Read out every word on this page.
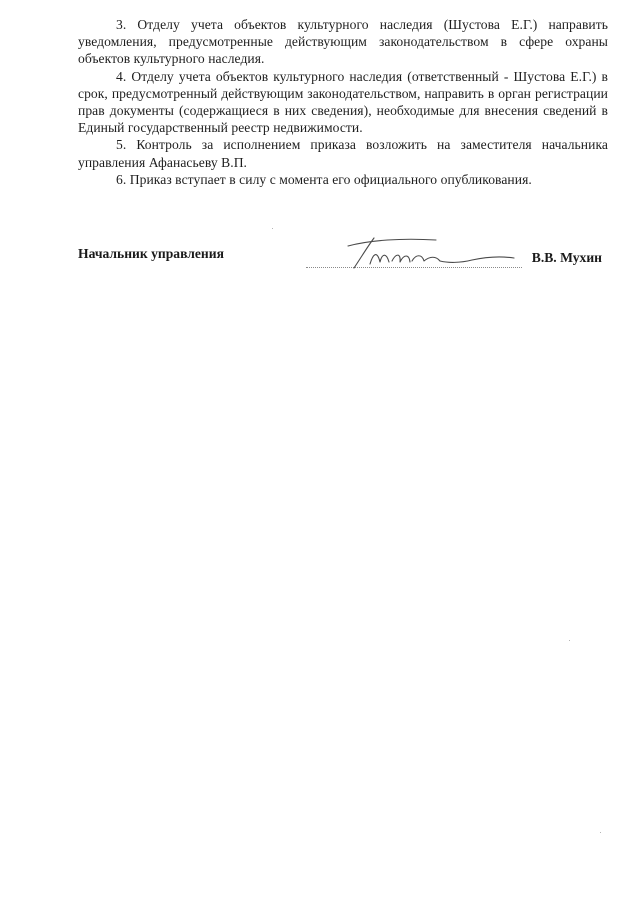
3. Отделу учета объектов культурного наследия (Шустова Е.Г.) направить уведомления, предусмотренные действующим законодательством в сфере охраны объектов культурного наследия.

4. Отделу учета объектов культурного наследия (ответственный - Шустова Е.Г.) в срок, предусмотренный действующим законодательством, направить в орган регистрации прав документы (содержащиеся в них сведения), необходимые для внесения сведений в Единый государственный реестр недвижимости.

5. Контроль за исполнением приказа возложить на заместителя начальника управления Афанасьеву В.П.

6. Приказ вступает в силу с момента его официального опубликования.

Начальник управления	В.В. Мухин
